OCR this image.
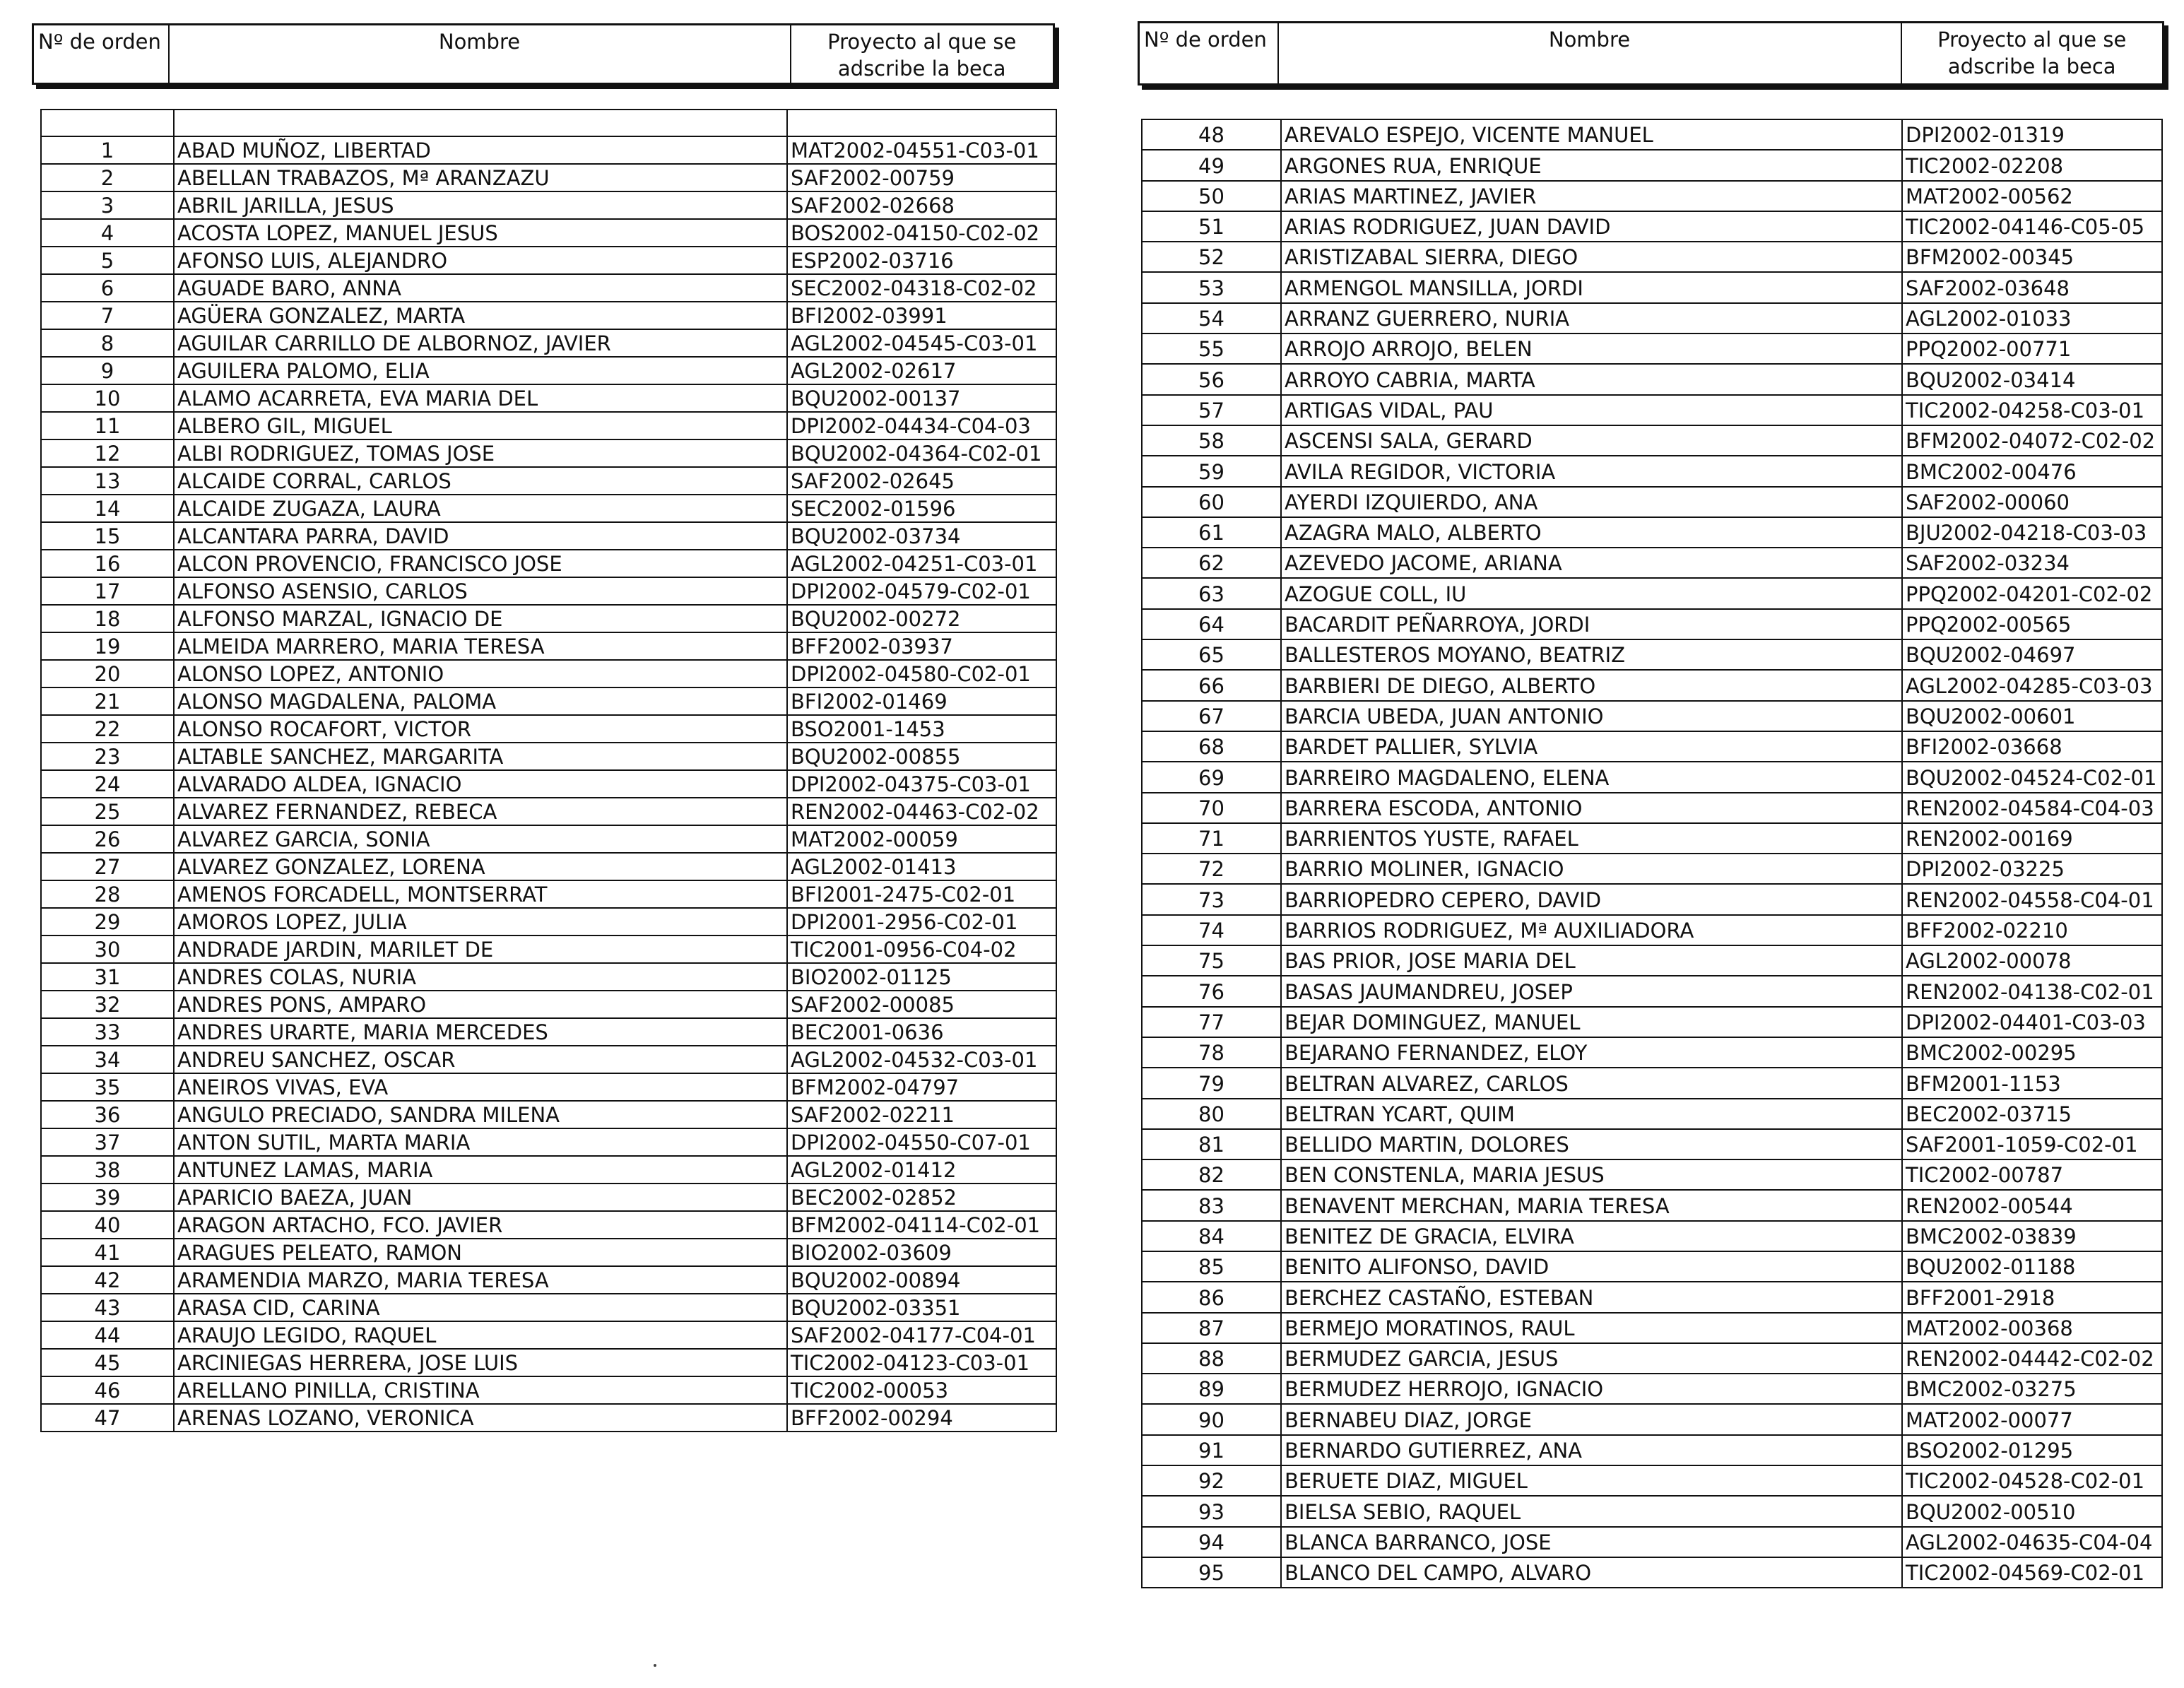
Nº de orden	Nombre	Proyecto al que se adscribe la beca

1	ABAD MUÑOZ, LIBERTAD	MAT2002-04551-C03-01
2	ABELLAN TRABAZOS, Mª ARANZAZU	SAF2002-00759
3	ABRIL JARILLA, JESUS	SAF2002-02668
4	ACOSTA LOPEZ, MANUEL JESUS	BOS2002-04150-C02-02
5	AFONSO LUIS, ALEJANDRO	ESP2002-03716
6	AGUADE BARO, ANNA	SEC2002-04318-C02-02
7	AGÜERA GONZALEZ, MARTA	BFI2002-03991
8	AGUILAR CARRILLO DE ALBORNOZ, JAVIER	AGL2002-04545-C03-01
9	AGUILERA PALOMO, ELIA	AGL2002-02617
10	ALAMO ACARRETA, EVA MARIA DEL	BQU2002-00137
11	ALBERO GIL, MIGUEL	DPI2002-04434-C04-03
12	ALBI RODRIGUEZ, TOMAS JOSE	BQU2002-04364-C02-01
13	ALCAIDE CORRAL, CARLOS	SAF2002-02645
14	ALCAIDE ZUGAZA, LAURA	SEC2002-01596
15	ALCANTARA PARRA, DAVID	BQU2002-03734
16	ALCON PROVENCIO, FRANCISCO JOSE	AGL2002-04251-C03-01
17	ALFONSO ASENSIO, CARLOS	DPI2002-04579-C02-01
18	ALFONSO MARZAL, IGNACIO DE	BQU2002-00272
19	ALMEIDA MARRERO, MARIA TERESA	BFF2002-03937
20	ALONSO LOPEZ, ANTONIO	DPI2002-04580-C02-01
21	ALONSO MAGDALENA, PALOMA	BFI2002-01469
22	ALONSO ROCAFORT, VICTOR	BSO2001-1453
23	ALTABLE SANCHEZ, MARGARITA	BQU2002-00855
24	ALVARADO ALDEA, IGNACIO	DPI2002-04375-C03-01
25	ALVAREZ FERNANDEZ, REBECA	REN2002-04463-C02-02
26	ALVAREZ GARCIA, SONIA	MAT2002-00059
27	ALVAREZ GONZALEZ, LORENA	AGL2002-01413
28	AMENOS FORCADELL, MONTSERRAT	BFI2001-2475-C02-01
29	AMOROS LOPEZ, JULIA	DPI2001-2956-C02-01
30	ANDRADE JARDIN, MARILET DE	TIC2001-0956-C04-02
31	ANDRES COLAS, NURIA	BIO2002-01125
32	ANDRES PONS, AMPARO	SAF2002-00085
33	ANDRES URARTE, MARIA MERCEDES	BEC2001-0636
34	ANDREU SANCHEZ, OSCAR	AGL2002-04532-C03-01
35	ANEIROS VIVAS, EVA	BFM2002-04797
36	ANGULO PRECIADO, SANDRA MILENA	SAF2002-02211
37	ANTON SUTIL, MARTA MARIA	DPI2002-04550-C07-01
38	ANTUNEZ LAMAS, MARIA	AGL2002-01412
39	APARICIO BAEZA, JUAN	BEC2002-02852
40	ARAGON ARTACHO, FCO. JAVIER	BFM2002-04114-C02-01
41	ARAGUES PELEATO, RAMON	BIO2002-03609
42	ARAMENDIA MARZO, MARIA TERESA	BQU2002-00894
43	ARASA CID, CARINA	BQU2002-03351
44	ARAUJO LEGIDO, RAQUEL	SAF2002-04177-C04-01
45	ARCINIEGAS HERRERA, JOSE LUIS	TIC2002-04123-C03-01
46	ARELLANO PINILLA, CRISTINA	TIC2002-00053
47	ARENAS LOZANO, VERONICA	BFF2002-00294
Nº de orden	Nombre	Proyecto al que se adscribe la beca
48	AREVALO ESPEJO, VICENTE MANUEL	DPI2002-01319
49	ARGONES RUA, ENRIQUE	TIC2002-02208
50	ARIAS MARTINEZ, JAVIER	MAT2002-00562
51	ARIAS RODRIGUEZ, JUAN DAVID	TIC2002-04146-C05-05
52	ARISTIZABAL SIERRA, DIEGO	BFM2002-00345
53	ARMENGOL MANSILLA, JORDI	SAF2002-03648
54	ARRANZ GUERRERO, NURIA	AGL2002-01033
55	ARROJO ARROJO, BELEN	PPQ2002-00771
56	ARROYO CABRIA, MARTA	BQU2002-03414
57	ARTIGAS VIDAL, PAU	TIC2002-04258-C03-01
58	ASCENSI SALA, GERARD	BFM2002-04072-C02-02
59	AVILA REGIDOR, VICTORIA	BMC2002-00476
60	AYERDI IZQUIERDO, ANA	SAF2002-00060
61	AZAGRA MALO, ALBERTO	BJU2002-04218-C03-03
62	AZEVEDO JACOME, ARIANA	SAF2002-03234
63	AZOGUE COLL, IU	PPQ2002-04201-C02-02
64	BACARDIT PEÑARROYA, JORDI	PPQ2002-00565
65	BALLESTEROS MOYANO, BEATRIZ	BQU2002-04697
66	BARBIERI DE DIEGO, ALBERTO	AGL2002-04285-C03-03
67	BARCIA UBEDA, JUAN ANTONIO	BQU2002-00601
68	BARDET PALLIER, SYLVIA	BFI2002-03668
69	BARREIRO MAGDALENO, ELENA	BQU2002-04524-C02-01
70	BARRERA ESCODA, ANTONIO	REN2002-04584-C04-03
71	BARRIENTOS YUSTE, RAFAEL	REN2002-00169
72	BARRIO MOLINER, IGNACIO	DPI2002-03225
73	BARRIOPEDRO CEPERO, DAVID	REN2002-04558-C04-01
74	BARRIOS RODRIGUEZ, Mª AUXILIADORA	BFF2002-02210
75	BAS PRIOR, JOSE MARIA DEL	AGL2002-00078
76	BASAS JAUMANDREU, JOSEP	REN2002-04138-C02-01
77	BEJAR DOMINGUEZ, MANUEL	DPI2002-04401-C03-03
78	BEJARANO FERNANDEZ, ELOY	BMC2002-00295
79	BELTRAN ALVAREZ, CARLOS	BFM2001-1153
80	BELTRAN YCART, QUIM	BEC2002-03715
81	BELLIDO MARTIN, DOLORES	SAF2001-1059-C02-01
82	BEN CONSTENLA, MARIA JESUS	TIC2002-00787
83	BENAVENT MERCHAN, MARIA TERESA	REN2002-00544
84	BENITEZ DE GRACIA, ELVIRA	BMC2002-03839
85	BENITO ALIFONSO, DAVID	BQU2002-01188
86	BERCHEZ CASTAÑO, ESTEBAN	BFF2001-2918
87	BERMEJO MORATINOS, RAUL	MAT2002-00368
88	BERMUDEZ GARCIA, JESUS	REN2002-04442-C02-02
89	BERMUDEZ HERROJO, IGNACIO	BMC2002-03275
90	BERNABEU DIAZ, JORGE	MAT2002-00077
91	BERNARDO GUTIERREZ, ANA	BSO2002-01295
92	BERUETE DIAZ, MIGUEL	TIC2002-04528-C02-01
93	BIELSA SEBIO, RAQUEL	BQU2002-00510
94	BLANCA BARRANCO, JOSE	AGL2002-04635-C04-04
95	BLANCO DEL CAMPO, ALVARO	TIC2002-04569-C02-01
